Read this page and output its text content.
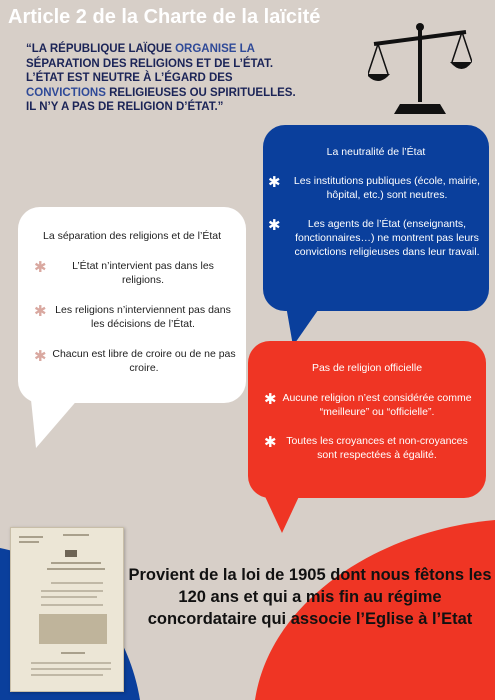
Article 2 de la Charte de la laïcité

“LA RÉPUBLIQUE LAÏQUE ORGANISE LA SÉPARATION DES RELIGIONS ET DE L’ÉTAT. L’ÉTAT EST NEUTRE À L’ÉGARD DES CONVICTIONS RELIGIEUSES OU SPIRITUELLES. IL N’Y A PAS DE RELIGION D’ÉTAT.”

La neutralité de l’État
✱ Les institutions publiques (école, mairie, hôpital, etc.) sont neutres.
✱	Les agents de l’État (enseignants, fonctionnaires…) ne montrent pas leurs convictions religieuses dans leur travail.
La séparation des religions et de l’État
✱	L’État n’intervient pas dans les religions.
✱ Les religions n’interviennent pas dans les décisions de l’État.
✱ Chacun est libre de croire ou de ne pas croire.	Pas de religion officielle
✱ Aucune religion n’est considérée comme “meilleure” ou “officielle”.
✱ Toutes les croyances et non-croyances sont respectées à égalité.
Provient de la loi de 1905 dont nous fêtons les 120 ans et qui a mis fin au régime concordataire qui associe l’Eglise à l’Etat
